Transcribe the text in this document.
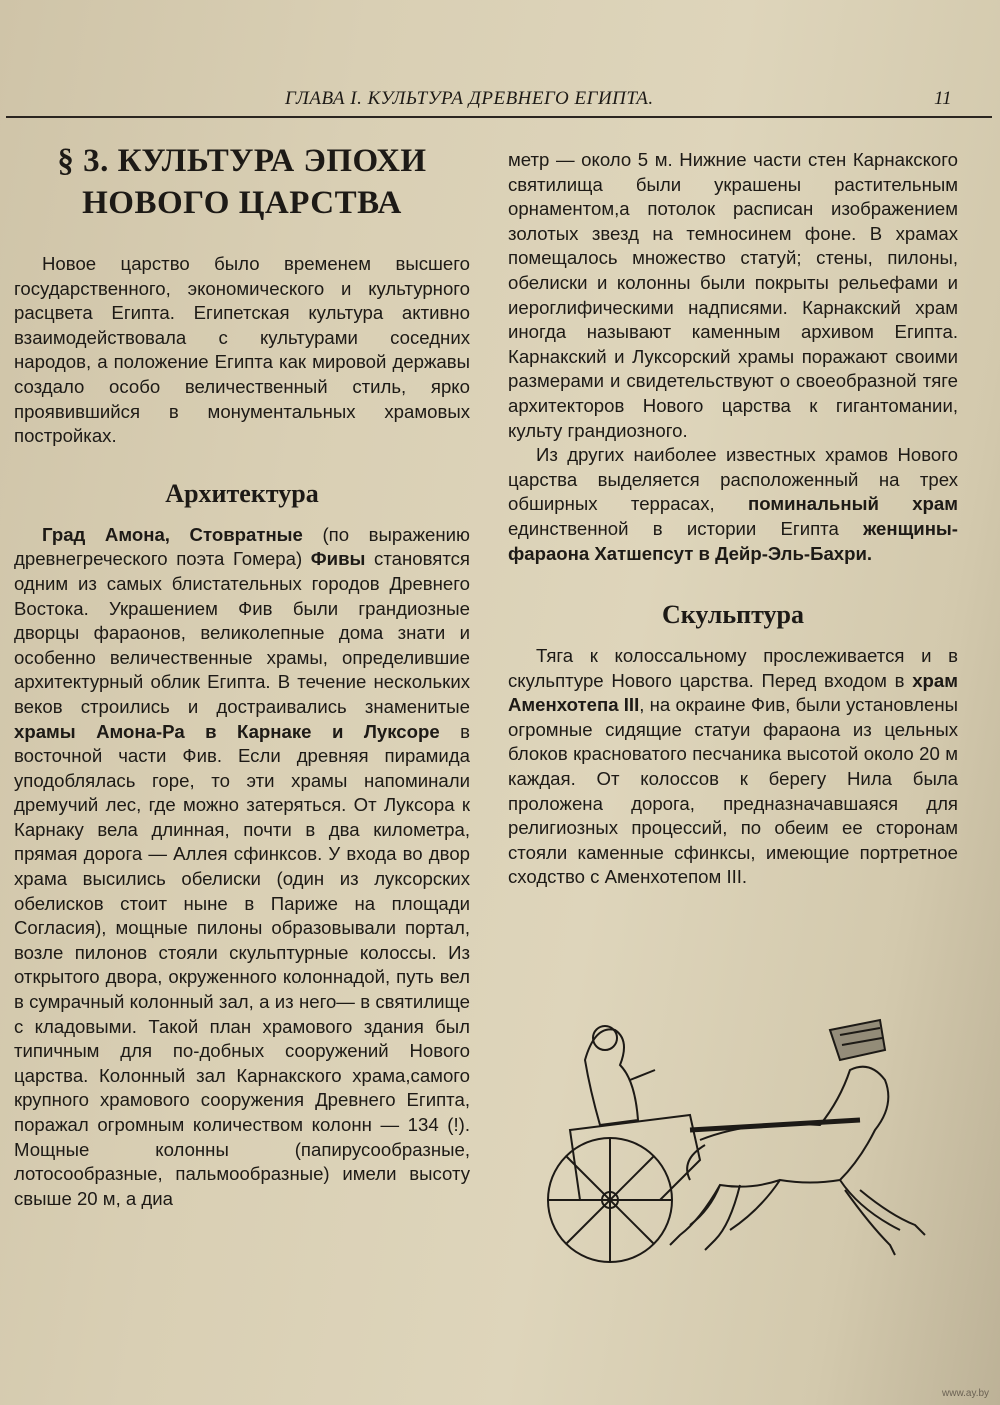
ГЛАВА I. КУЛЬТУРА ДРЕВНЕГО ЕГИПТА.	11
§ 3. КУЛЬТУРА ЭПОХИ
НОВОГО ЦАРСТВА

Новое царство было временем высшего государственного, экономического и культурного расцвета Египта. Египетская культура активно взаимодействовала с культурами соседних народов, а положение Египта как мировой державы создало особо величественный стиль, ярко проявившийся в монументальных храмовых постройках.

Архитектура

Град Амона, Стовратные (по выражению древнегреческого поэта Гомера) Фивы становятся одним из самых блистательных городов Древнего Востока. Украшением Фив были грандиозные дворцы фараонов, великолепные дома знати и особенно величественные храмы, определившие архитектурный облик Египта. В течение нескольких веков строились и достраивались знаменитые храмы Амона-Ра в Карнаке и Луксоре в восточной части Фив. Если древняя пирамида уподоблялась горе, то эти храмы напоминали дремучий лес, где можно затеряться. От Луксора к Карнаку вела длинная, почти в два километра, прямая дорога — Аллея сфинксов. У входа во двор храма высились обелиски (один из луксорских обелисков стоит ныне в Париже на площади Согласия), мощные пилоны образовывали портал, возле пилонов стояли скульптурные колоссы. Из открытого двора, окруженного колоннадой, путь вел в сумрачный колонный зал, а из него— в святилище с кладовыми. Такой план храмового здания был типичным для по-добных сооружений Нового царства. Колонный зал Карнакского храма,самого крупного храмового сооружения Древнего Египта, поражал огромным количеством колонн — 134 (!). Мощные колонны (папирусообразные, лотосообразные, пальмообразные) имели высоту свыше 20 м, а диа

метр — около 5 м. Нижние части стен Карнакского святилища были украшены растительным орнаментом,а потолок расписан изображением золотых звезд на темносинем фоне. В храмах помещалось множество статуй; стены, пилоны, обелиски и колонны были покрыты рельефами и иероглифическими надписями. Карнакский храм иногда называют каменным архивом Египта. Карнакский и Луксорский храмы поражают своими размерами и свидетельствуют о своеобразной тяге архитекторов Нового царства к гигантомании, культу грандиозного.

Из других наиболее известных храмов Нового царства выделяется расположенный на трех обширных террасах, поминальный храм единственной в истории Египта женщины-фараона Хатшепсут в Дейр-Эль-Бахри.

Скульптура

Тяга к колоссальному прослеживается и в скульптуре Нового царства. Перед входом в храм Аменхотепа III, на окраине Фив, были установлены огромные сидящие статуи фараона из цельных блоков красноватого песчаника высотой около 20 м каждая. От колоссов к берегу Нила была проложена дорога, предназначавшаяся для религиозных процессий, по обеим ее сторонам стояли каменные сфинксы, имеющие портретное сходство с Аменхотепом III.

www.ay.by
